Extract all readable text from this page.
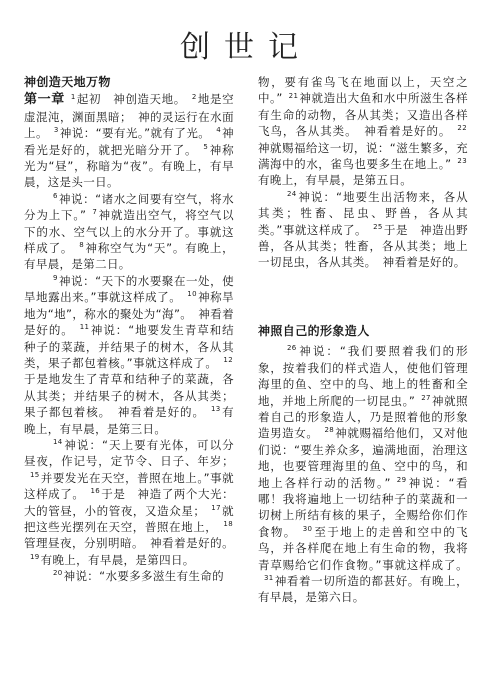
创世记
神创造天地万物

第一章 $^1$起初　神创造天地。 $^2$地是空虚混沌，渊面黑暗；　神的灵运行在水面上。 $^3$神说：“要有光。”就有了光。 $^4$神看光是好的，就把光暗分开了。 $^5$神称光为“昼”，称暗为“夜”。有晚上，有早晨，这是头一日。

$^6$神说：“诸水之间要有空气，将水分为上下。” $^7$神就造出空气，将空气以下的水、空气以上的水分开了。事就这样成了。 $^8$神称空气为“天”。有晚上，有早晨，是第二日。

$^9$神说：“天下的水要聚在一处，使旱地露出来。”事就这样成了。 $^{10}$神称旱地为“地”，称水的聚处为“海”。　神看着是好的。 $^{11}$神说：“地要发生青草和结种子的菜蔬，并结果子的树木，各从其类，果子都包着核。”事就这样成了。 $^{12}$于是地发生了青草和结种子的菜蔬，各从其类；并结果子的树木，各从其类；果子都包着核。　神看着是好的。 $^{13}$有晚上，有早晨，是第三日。

$^{14}$神说：“天上要有光体，可以分昼夜，作记号，定节令、日子、年岁；$^{15}$并要发光在天空，普照在地上。”事就这样成了。 $^{16}$于是　神造了两个大光：大的管昼，小的管夜，又造众星； $^{17}$就把这些光摆列在天空，普照在地上， $^{18}$管理昼夜，分别明暗。　神看着是好的。$^{19}$有晚上，有早晨，是第四日。

$^{20}$神说：“水要多多滋生有生命的

物，要有雀鸟飞在地面以上，天空之中。” $^{21}$神就造出大鱼和水中所滋生各样有生命的动物，各从其类；又造出各样飞鸟，各从其类。　神看着是好的。 $^{22}$神就赐福给这一切，说：“滋生繁多，充满海中的水，雀鸟也要多生在地上。” $^{23}$有晚上，有早晨，是第五日。

$^{24}$神说：“地要生出活物来，各从其类；牲畜、昆虫、野兽，各从其类。”事就这样成了。 $^{25}$于是　神造出野兽，各从其类；牲畜，各从其类；地上一切昆虫，各从其类。　神看着是好的。

神照自己的形象造人

$^{26}$神说：“我们要照着我们的形象，按着我们的样式造人，使他们管理海里的鱼、空中的鸟、地上的牲畜和全地，并地上所爬的一切昆虫。” $^{27}$神就照着自己的形象造人，乃是照着他的形象造男造女。 $^{28}$神就赐福给他们，又对他们说：“要生养众多，遍满地面，治理这地，也要管理海里的鱼、空中的鸟，和地上各样行动的活物。” $^{29}$神说：“看哪！我将遍地上一切结种子的菜蔬和一切树上所结有核的果子，全赐给你们作食物。 $^{30}$至于地上的走兽和空中的飞鸟，并各样爬在地上有生命的物，我将青草赐给它们作食物。”事就这样成了。$^{31}$神看着一切所造的都甚好。有晚上，有早晨，是第六日。
